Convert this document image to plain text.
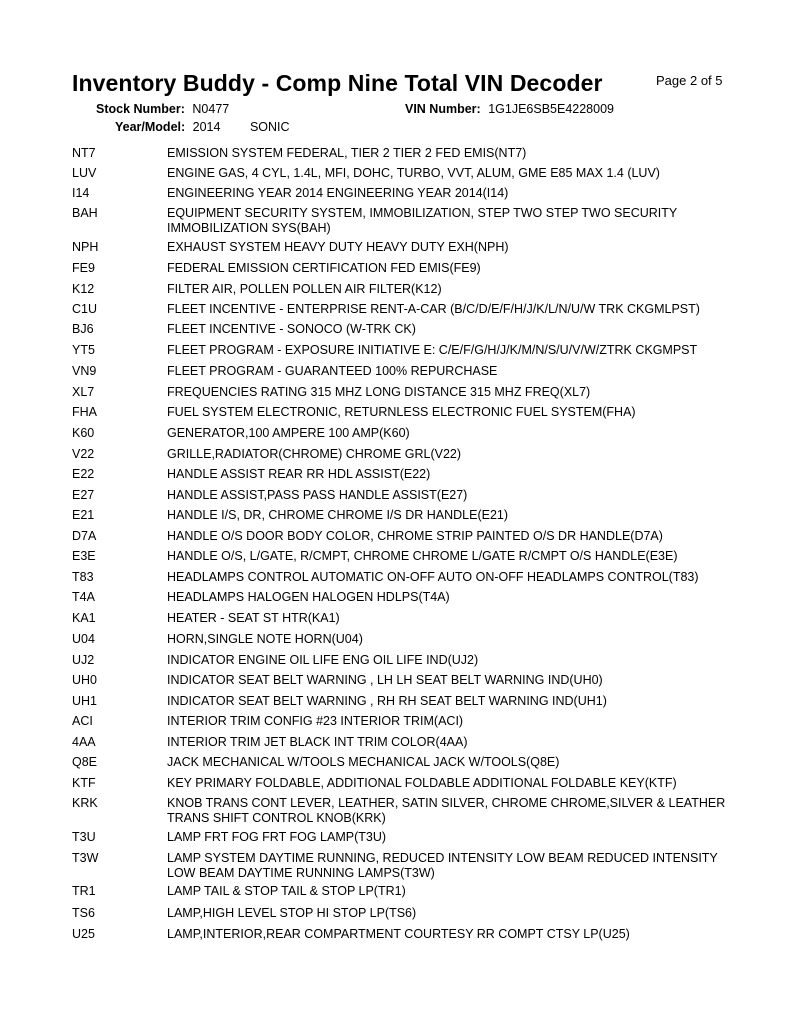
Inventory Buddy - Comp Nine Total VIN Decoder	Page 2 of 5
Stock Number: N0477	VIN Number: 1G1JE6SB5E4228009
Year/Model: 2014 SONIC
NT7	EMISSION SYSTEM FEDERAL, TIER 2 TIER 2 FED EMIS(NT7)
LUV	ENGINE GAS, 4 CYL, 1.4L, MFI, DOHC, TURBO, VVT, ALUM, GME E85 MAX 1.4 (LUV)
I14	ENGINEERING YEAR 2014 ENGINEERING YEAR 2014(I14)
BAH	EQUIPMENT SECURITY SYSTEM, IMMOBILIZATION, STEP TWO STEP TWO SECURITY IMMOBILIZATION SYS(BAH)
NPH	EXHAUST SYSTEM HEAVY DUTY HEAVY DUTY EXH(NPH)
FE9	FEDERAL EMISSION CERTIFICATION FED EMIS(FE9)
K12	FILTER AIR, POLLEN POLLEN AIR FILTER(K12)
C1U	FLEET INCENTIVE - ENTERPRISE RENT-A-CAR (B/C/D/E/F/H/J/K/L/N/U/W TRK CKGMLPST)
BJ6	FLEET INCENTIVE - SONOCO (W-TRK CK)
YT5	FLEET PROGRAM - EXPOSURE INITIATIVE E: C/E/F/G/H/J/K/M/N/S/U/V/W/ZTRK CKGMPST
VN9	FLEET PROGRAM - GUARANTEED 100% REPURCHASE
XL7	FREQUENCIES RATING 315 MHZ LONG DISTANCE 315 MHZ FREQ(XL7)
FHA	FUEL SYSTEM ELECTRONIC, RETURNLESS ELECTRONIC FUEL SYSTEM(FHA)
K60	GENERATOR,100 AMPERE 100 AMP(K60)
V22	GRILLE,RADIATOR(CHROME) CHROME GRL(V22)
E22	HANDLE ASSIST REAR RR HDL ASSIST(E22)
E27	HANDLE ASSIST,PASS PASS HANDLE ASSIST(E27)
E21	HANDLE I/S, DR, CHROME CHROME I/S DR HANDLE(E21)
D7A	HANDLE O/S DOOR BODY COLOR, CHROME STRIP PAINTED O/S DR HANDLE(D7A)
E3E	HANDLE O/S, L/GATE, R/CMPT, CHROME CHROME L/GATE R/CMPT O/S HANDLE(E3E)
T83	HEADLAMPS CONTROL AUTOMATIC ON-OFF AUTO ON-OFF HEADLAMPS CONTROL(T83)
T4A	HEADLAMPS HALOGEN HALOGEN HDLPS(T4A)
KA1	HEATER - SEAT ST HTR(KA1)
U04	HORN,SINGLE NOTE HORN(U04)
UJ2	INDICATOR ENGINE OIL LIFE ENG OIL LIFE IND(UJ2)
UH0	INDICATOR SEAT BELT WARNING , LH LH SEAT BELT WARNING IND(UH0)
UH1	INDICATOR SEAT BELT WARNING , RH RH SEAT BELT WARNING IND(UH1)
ACI	INTERIOR TRIM CONFIG #23 INTERIOR TRIM(ACI)
4AA	INTERIOR TRIM JET BLACK INT TRIM COLOR(4AA)
Q8E	JACK MECHANICAL W/TOOLS MECHANICAL JACK W/TOOLS(Q8E)
KTF	KEY PRIMARY FOLDABLE, ADDITIONAL FOLDABLE ADDITIONAL FOLDABLE KEY(KTF)
KRK	KNOB TRANS CONT LEVER, LEATHER, SATIN SILVER, CHROME CHROME,SILVER & LEATHER TRANS SHIFT CONTROL KNOB(KRK)
T3U	LAMP FRT FOG FRT FOG LAMP(T3U)
T3W	LAMP SYSTEM DAYTIME RUNNING, REDUCED INTENSITY LOW BEAM REDUCED INTENSITY LOW BEAM DAYTIME RUNNING LAMPS(T3W)
TR1	LAMP TAIL & STOP TAIL & STOP LP(TR1)
TS6	LAMP,HIGH LEVEL STOP HI STOP LP(TS6)
U25	LAMP,INTERIOR,REAR COMPARTMENT COURTESY RR COMPT CTSY LP(U25)
